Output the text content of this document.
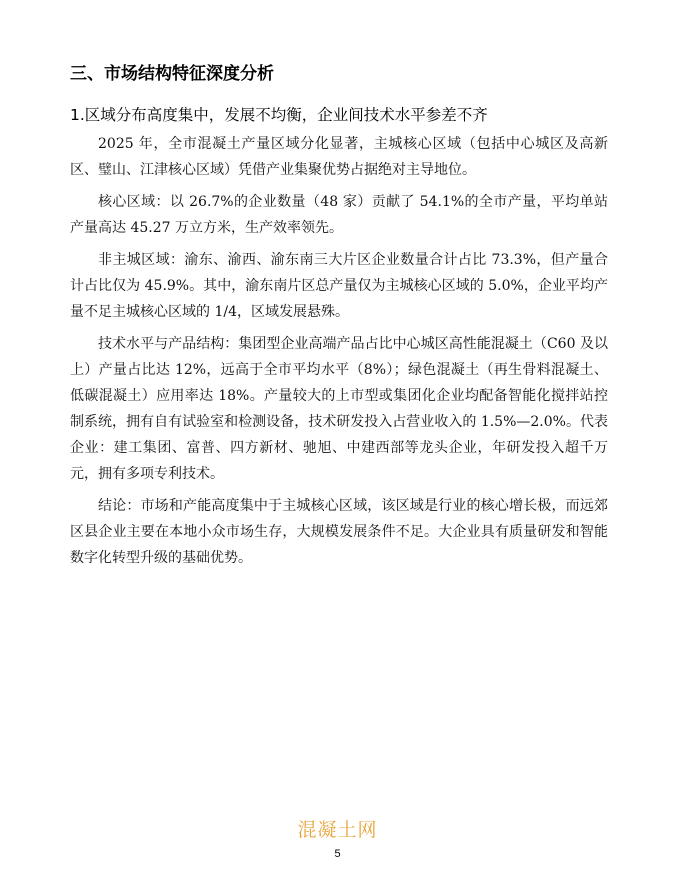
三、市场结构特征深度分析
1.区域分布高度集中，发展不均衡，企业间技术水平参差不齐

2025 年，全市混凝土产量区域分化显著，主城核心区域（包括中心城区及高新区、璧山、江津核心区域）凭借产业集聚优势占据绝对主导地位。

核心区域：以 26.7%的企业数量（48 家）贡献了 54.1%的全市产量，平均单站产量高达 45.27 万立方米，生产效率领先。

非主城区域：渝东、渝西、渝东南三大片区企业数量合计占比 73.3%，但产量合计占比仅为 45.9%。其中，渝东南片区总产量仅为主城核心区域的 5.0%，企业平均产量不足主城核心区域的 1/4，区域发展悬殊。

技术水平与产品结构：集团型企业高端产品占比中心城区高性能混凝土（C60 及以上）产量占比达 12%，远高于全市平均水平（8%）；绿色混凝土（再生骨料混凝土、低碳混凝土）应用率达 18%。产量较大的上市型或集团化企业均配备智能化搅拌站控制系统，拥有自有试验室和检测设备，技术研发投入占营业收入的 1.5%—2.0%。代表企业：建工集团、富普、四方新材、驰旭、中建西部等龙头企业，年研发投入超千万元，拥有多项专利技术。

结论：市场和产能高度集中于主城核心区域，该区域是行业的核心增长极，而远郊区县企业主要在本地小众市场生存，大规模发展条件不足。大企业具有质量研发和智能数字化转型升级的基础优势。

混凝土网
5
